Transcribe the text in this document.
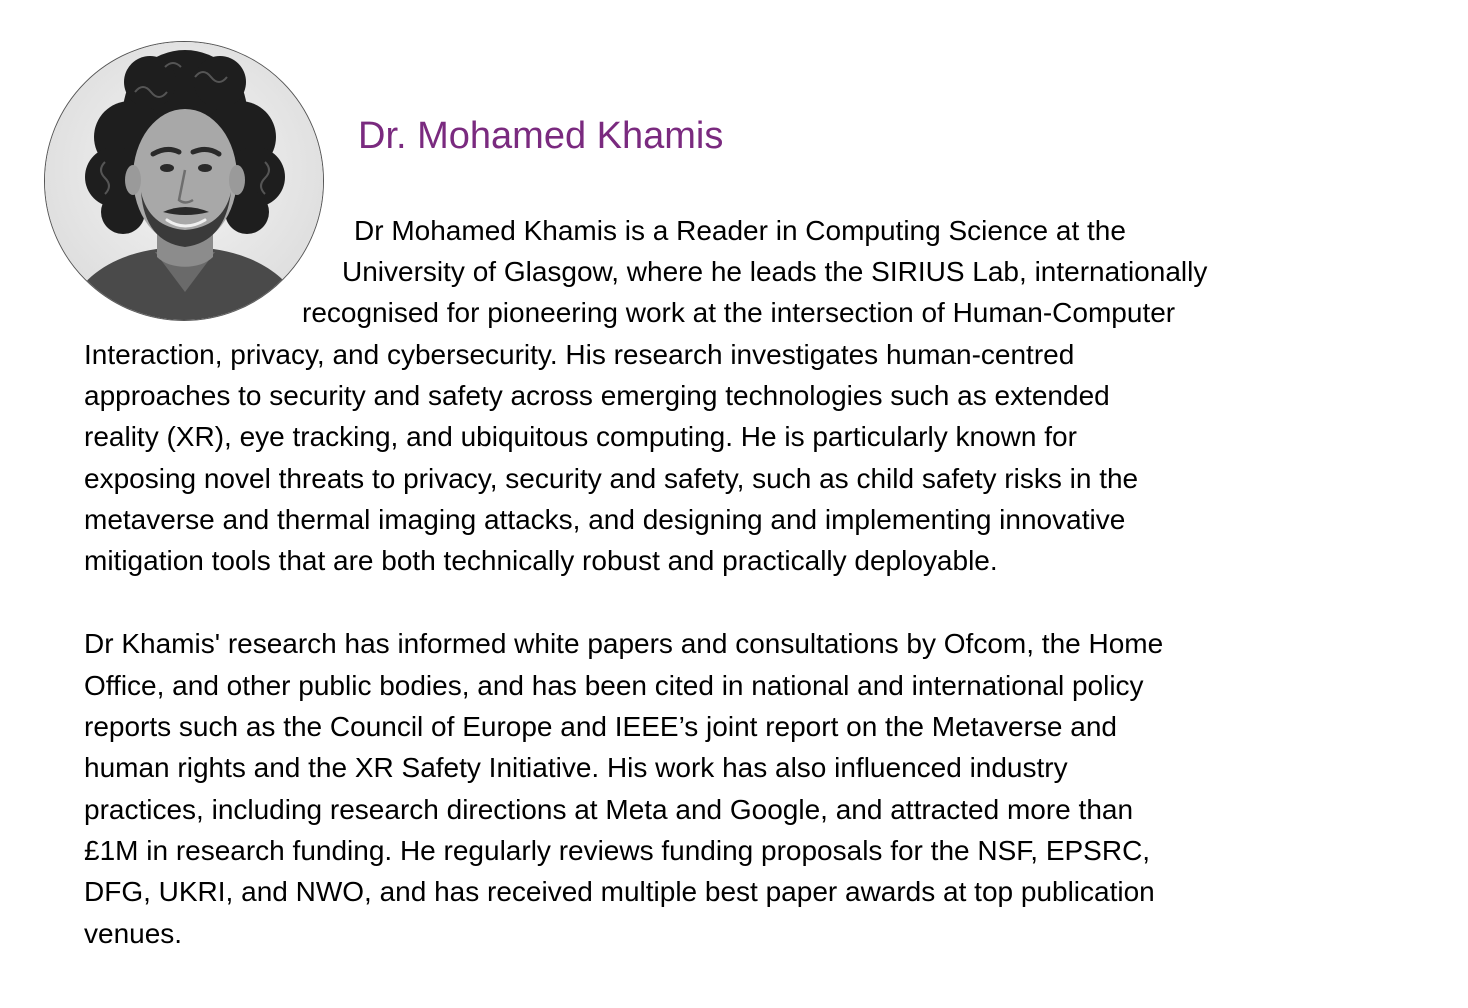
Dr. Mohamed Khamis

Dr Mohamed Khamis is a Reader in Computing Science at the

University of Glasgow, where he leads the SIRIUS Lab, internationally

recognised for pioneering work at the intersection of Human-Computer

Interaction, privacy, and cybersecurity. His research investigates human-centred

approaches to security and safety across emerging technologies such as extended

reality (XR), eye tracking, and ubiquitous computing. He is particularly known for

exposing novel threats to privacy, security and safety, such as child safety risks in the

metaverse and thermal imaging attacks, and designing and implementing innovative

mitigation tools that are both technically robust and practically deployable.

Dr Khamis' research has informed white papers and consultations by Ofcom, the Home

Office, and other public bodies, and has been cited in national and international policy

reports such as the Council of Europe and IEEE’s joint report on the Metaverse and

human rights and the XR Safety Initiative. His work has also influenced industry

practices, including research directions at Meta and Google, and attracted more than

£1M in research funding. He regularly reviews funding proposals for the NSF, EPSRC,

DFG, UKRI, and NWO, and has received multiple best paper awards at top publication

venues.
